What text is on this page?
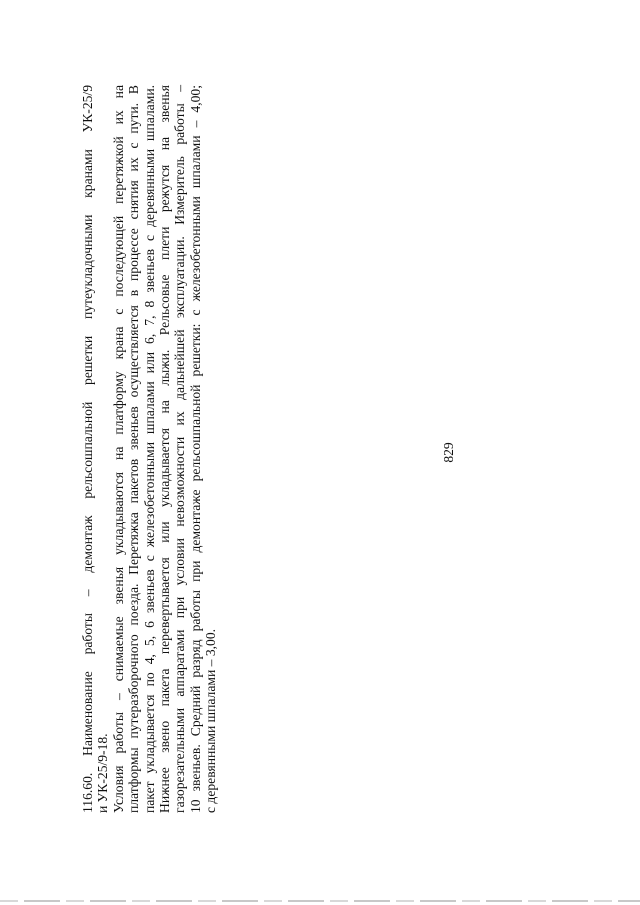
829

116.60. Наименование работы – демонтаж рельсошпальной решетки путеукладочными кранами УК-25/9 и УК-25/9-18. Условия работы – снимаемые звенья укладываются на платформу крана с последующей перетяжкой их на платформы путеразборочного поезда. Перетяжка пакетов звеньев осуществляется в процессе снятия их с пути. В пакет укладывается по 4, 5, 6 звеньев с железобетонными шпалами или 6, 7, 8 звеньев с деревянными шпалами. Нижнее звено пакета перевертывается или укладывается на лыжи. Рельсовые плети режутся на звенья газорезательными аппаратами при условии невозможности их дальнейшей эксплуатации. Измеритель работы – 10 звеньев. Средний разряд работы при демонтаже рельсошпальной решетки: с железобетонными шпалами – 4,00; с деревянными шпалами – 3,00.
